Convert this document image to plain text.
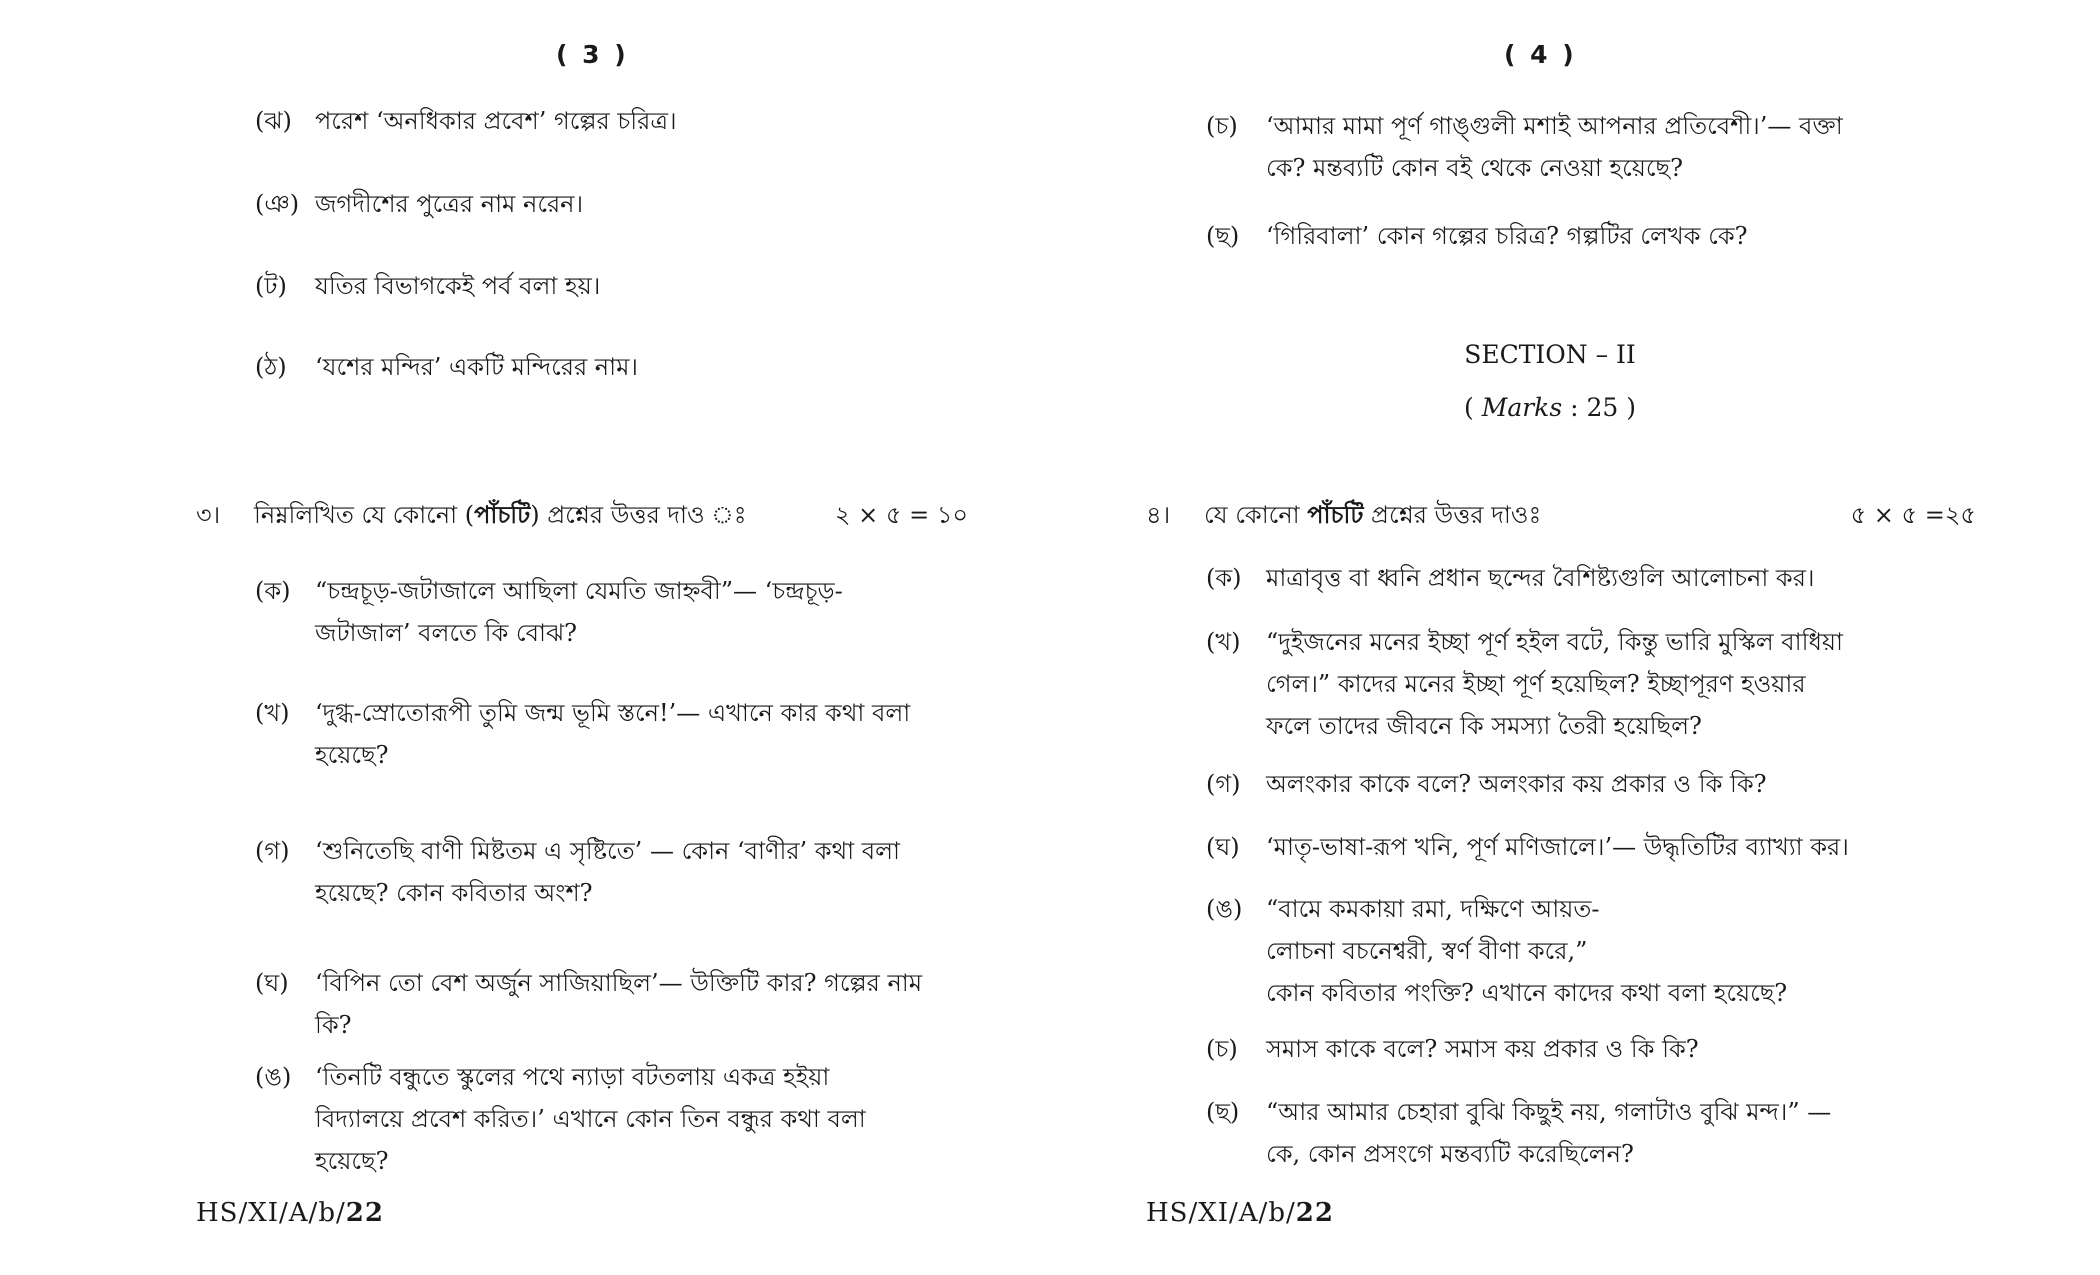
( 3 )
(ঝ) পরেশ ‘অনধিকার প্রবেশ’ গল্পের চরিত্র।
(ঞ) জগদীশের পুত্রের নাম নরেন।
(ট) যতির বিভাগকেই পর্ব বলা হয়।
(ঠ) ‘যশের মন্দির’ একটি মন্দিরের নাম।
৩। নিম্নলিখিত যে কোনো (পাঁচটি) প্রশ্নের উত্তর দাও ঃ	২ × ৫ = ১০
(ক) “চন্দ্রচূড়-জটাজালে আছিলা যেমতি জাহ্নবী”— ‘চন্দ্রচূড়-জটাজাল’ বলতে কি বোঝ?
(খ) ‘দুগ্ধ-স্রোতোরূপী তুমি জন্ম ভূমি স্তনে!’— এখানে কার কথা বলা হয়েছে?
(গ) ‘শুনিতেছি বাণী মিষ্টতম এ সৃষ্টিতে’ — কোন ‘বাণীর’ কথা বলা হয়েছে? কোন কবিতার অংশ?
(ঘ) ‘বিপিন তো বেশ অর্জুন সাজিয়াছিল’— উক্তিটি কার? গল্পের নাম কি?
(ঙ) ‘তিনটি বন্ধুতে স্কুলের পথে ন্যাড়া বটতলায় একত্র হইয়া বিদ্যালয়ে প্রবেশ করিত।’ এখানে কোন তিন বন্ধুর কথা বলা হয়েছে?
HS/XI/A/b/22
( 4 )
(চ) ‘আমার মামা পূর্ণ গাঙ্গুলী মশাই আপনার প্রতিবেশী।’— বক্তা কে? মন্তব্যটি কোন বই থেকে নেওয়া হয়েছে?
(ছ) ‘গিরিবালা’ কোন গল্পের চরিত্র? গল্পটির লেখক কে?
SECTION – II
( Marks : 25 )
৪। যে কোনো পাঁচটি প্রশ্নের উত্তর দাওঃ	৫ × ৫ =২৫
(ক) মাত্রাবৃত্ত বা ধ্বনি প্রধান ছন্দের বৈশিষ্ট্যগুলি আলোচনা কর।
(খ) “দুইজনের মনের ইচ্ছা পূর্ণ হইল বটে, কিন্তু ভারি মুস্কিল বাধিয়া গেল।” কাদের মনের ইচ্ছা পূর্ণ হয়েছিল? ইচ্ছাপূরণ হওয়ার ফলে তাদের জীবনে কি সমস্যা তৈরী হয়েছিল?
(গ) অলংকার কাকে বলে? অলংকার কয় প্রকার ও কি কি?
(ঘ) ‘মাতৃ-ভাষা-রূপ খনি, পূর্ণ মণিজালে।’— উদ্ধৃতিটির ব্যাখ্যা কর।
(ঙ) “বামে কমকায়া রমা, দক্ষিণে আয়ত-
লোচনা বচনেশ্বরী, স্বর্ণ বীণা করে,”
কোন কবিতার পংক্তি? এখানে কাদের কথা বলা হয়েছে?
(চ) সমাস কাকে বলে? সমাস কয় প্রকার ও কি কি?
(ছ) “আর আমার চেহারা বুঝি কিছুই নয়, গলাটাও বুঝি মন্দ।” — কে, কোন প্রসংগে মন্তব্যটি করেছিলেন?
HS/XI/A/b/22
